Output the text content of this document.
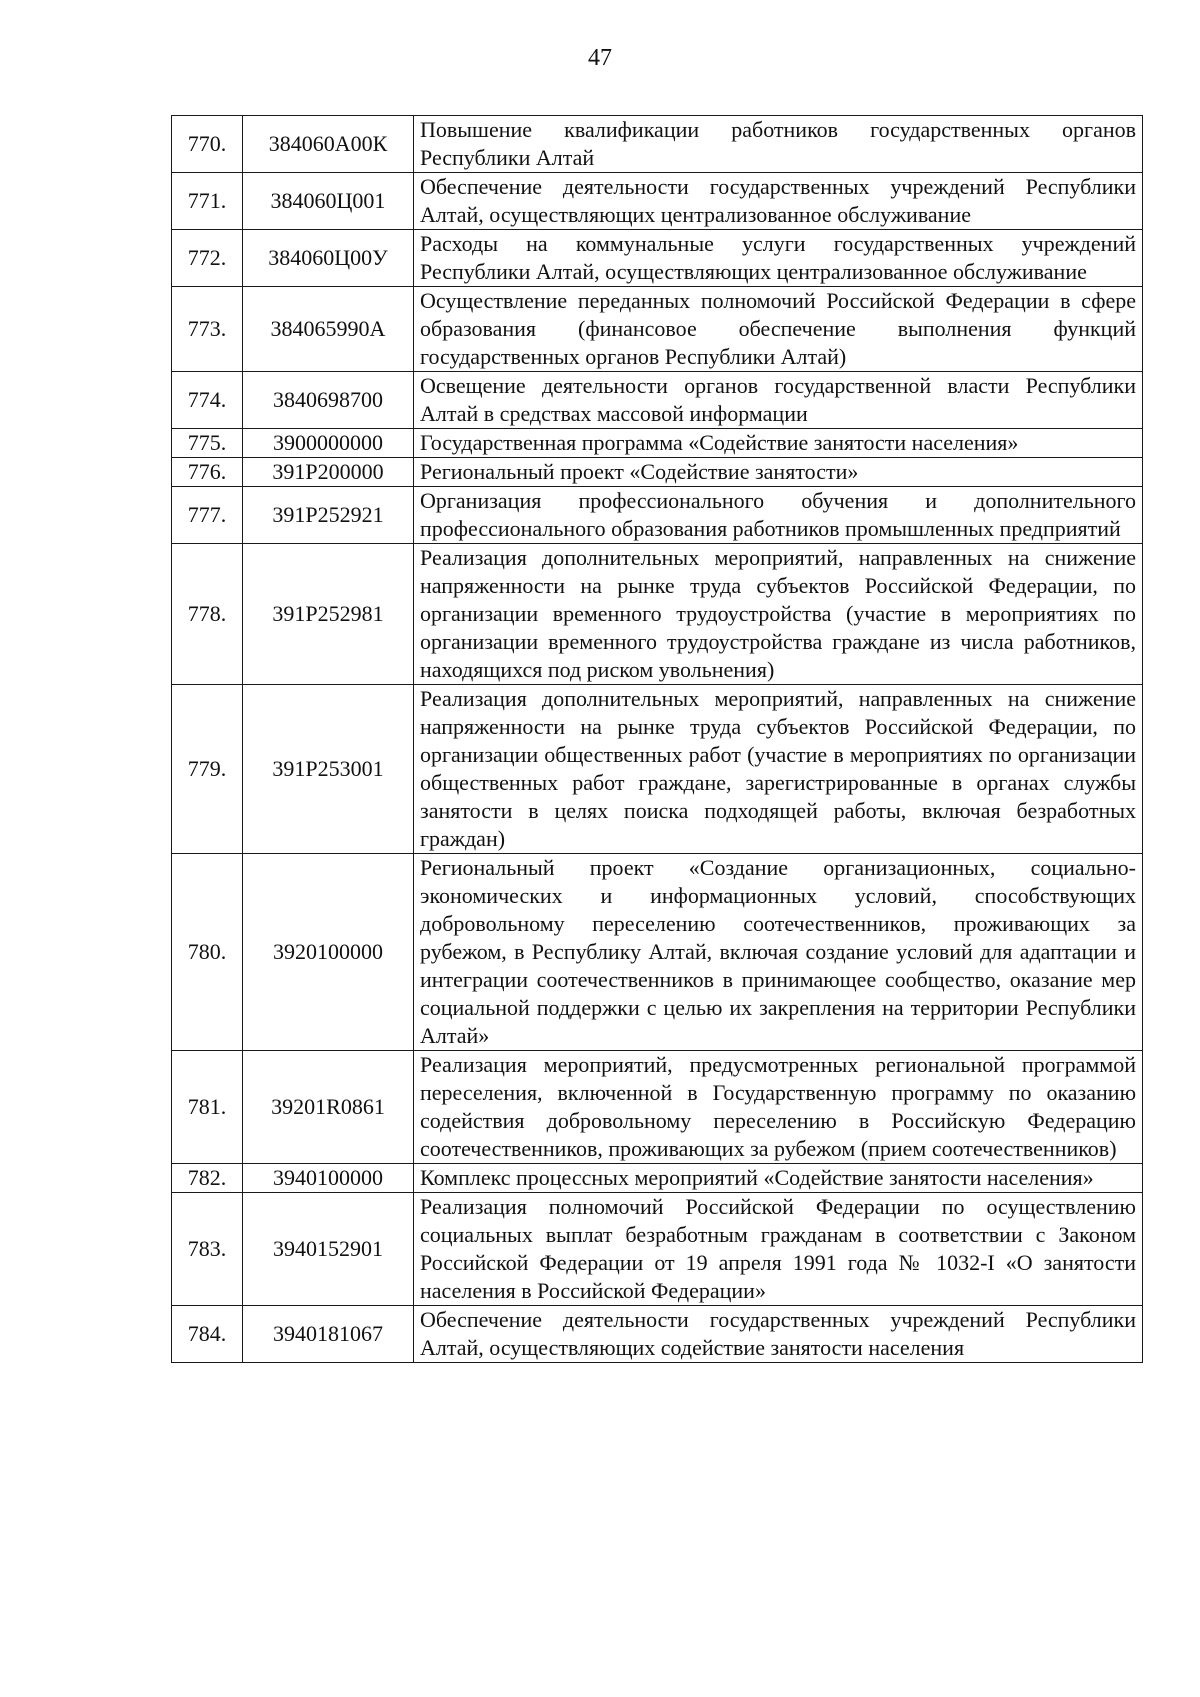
47
770.	384060А00К	Повышение квалификации работников государственных органов Республики Алтай
771.	384060Ц001	Обеспечение деятельности государственных учреждений Республики Алтай, осуществляющих централизованное обслуживание
772.	384060Ц00У	Расходы на коммунальные услуги государственных учреждений Республики Алтай, осуществляющих централизованное обслуживание
773.	384065990А	Осуществление переданных полномочий Российской Федерации в сфере образования (финансовое обеспечение выполнения функций государственных органов Республики Алтай)
774.	3840698700	Освещение деятельности органов государственной власти Республики Алтай в средствах массовой информации
775.	3900000000	Государственная программа «Содействие занятости населения»
776.	391Р200000	Региональный проект «Содействие занятости»
777.	391Р252921	Организация профессионального обучения и дополнительного профессионального образования работников промышленных предприятий
778.	391Р252981	Реализация дополнительных мероприятий, направленных на снижение напряженности на рынке труда субъектов Российской Федерации, по организации временного трудоустройства (участие в мероприятиях по организации временного трудоустройства граждане из числа работников, находящихся под риском увольнения)
779.	391Р253001	Реализация дополнительных мероприятий, направленных на снижение напряженности на рынке труда субъектов Российской Федерации, по организации общественных работ (участие в мероприятиях по организации общественных работ граждане, зарегистрированные в органах службы занятости в целях поиска подходящей работы, включая безработных граждан)
780.	3920100000	Региональный проект «Создание организационных, социально-экономических и информационных условий, способствующих добровольному переселению соотечественников, проживающих за рубежом, в Республику Алтай, включая создание условий для адаптации и интеграции соотечественников в принимающее сообщество, оказание мер социальной поддержки с целью их закрепления на территории Республики Алтай»
781.	39201R0861	Реализация мероприятий, предусмотренных региональной программой переселения, включенной в Государственную программу по оказанию содействия добровольному переселению в Российскую Федерацию соотечественников, проживающих за рубежом (прием соотечественников)
782.	3940100000	Комплекс процессных мероприятий «Содействие занятости населения»
783.	3940152901	Реализация полномочий Российской Федерации по осуществлению социальных выплат безработным гражданам в соответствии с Законом Российской Федерации от 19 апреля 1991 года № 1032-I «О занятости населения в Российской Федерации»
784.	3940181067	Обеспечение деятельности государственных учреждений Республики Алтай, осуществляющих содействие занятости населения
